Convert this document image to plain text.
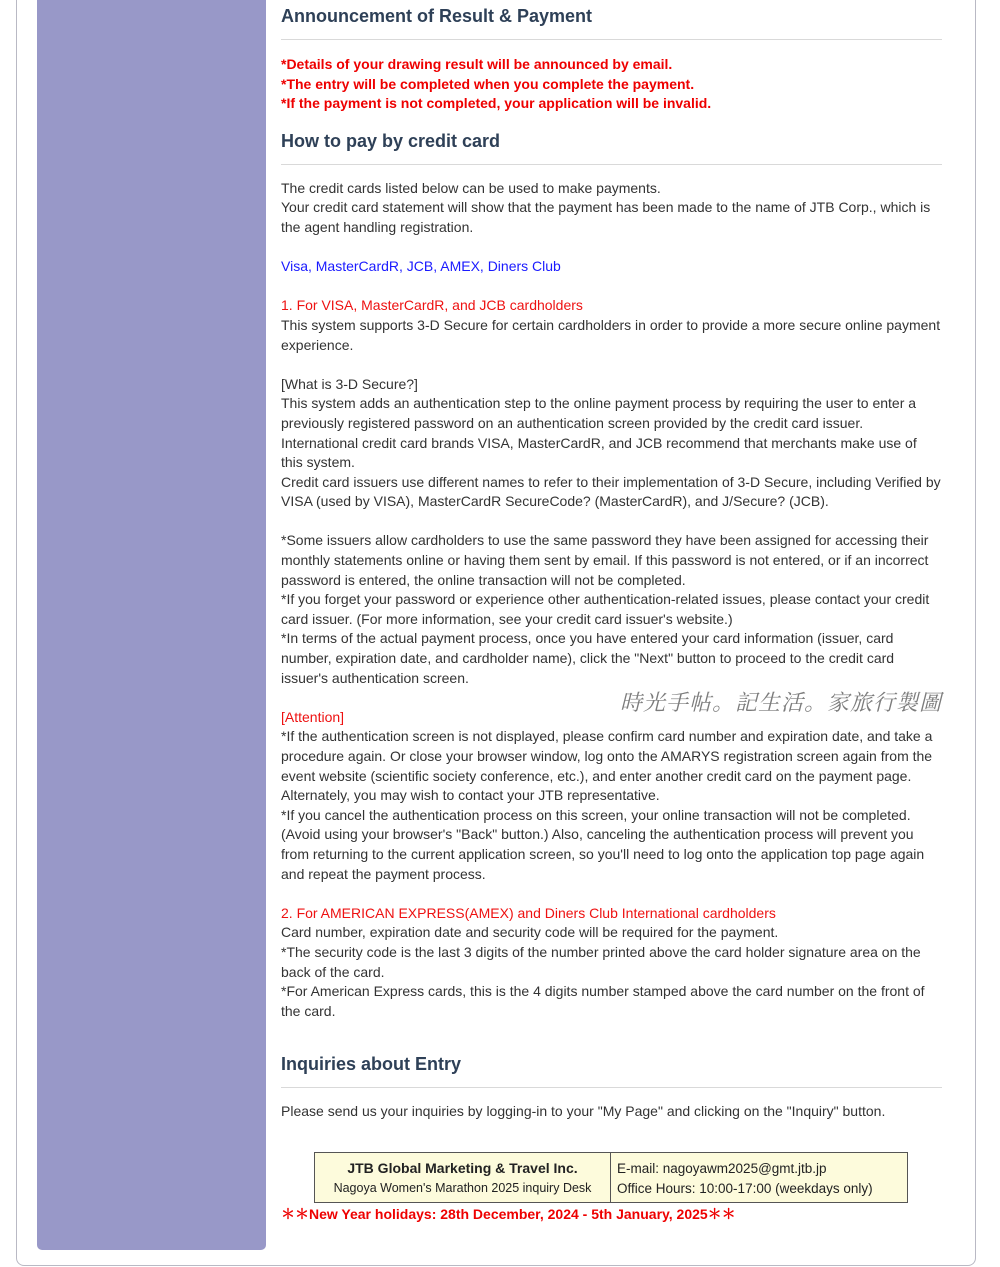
Announcement of Result & Payment
*Details of your drawing result will be announced by email.
*The entry will be completed when you complete the payment.
*If the payment is not completed, your application will be invalid.
How to pay by credit card

The credit cards listed below can be used to make payments.

Your credit card statement will show that the payment has been made to the name of JTB Corp., which is the agent handling registration.

Visa, MasterCardR, JCB, AMEX, Diners Club

1. For VISA, MasterCardR, and JCB cardholders

This system supports 3-D Secure for certain cardholders in order to provide a more secure online payment experience.

[What is 3-D Secure?]

This system adds an authentication step to the online payment process by requiring the user to enter a previously registered password on an authentication screen provided by the credit card issuer.

International credit card brands VISA, MasterCardR, and JCB recommend that merchants make use of this system.

Credit card issuers use different names to refer to their implementation of 3-D Secure, including Verified by VISA (used by VISA), MasterCardR SecureCode? (MasterCardR), and J/Secure? (JCB).

*Some issuers allow cardholders to use the same password they have been assigned for accessing their monthly statements online or having them sent by email. If this password is not entered, or if an incorrect password is entered, the online transaction will not be completed.

*If you forget your password or experience other authentication-related issues, please contact your credit card issuer. (For more information, see your credit card issuer's website.)

*In terms of the actual payment process, once you have entered your card information (issuer, card number, expiration date, and cardholder name), click the "Next" button to proceed to the credit card issuer's authentication screen.

[Attention]

*If the authentication screen is not displayed, please confirm card number and expiration date, and take a procedure again. Or close your browser window, log onto the AMARYS registration screen again from the event website (scientific society conference, etc.), and enter another credit card on the payment page. Alternately, you may wish to contact your JTB representative.

*If you cancel the authentication process on this screen, your online transaction will not be completed. (Avoid using your browser's "Back" button.) Also, canceling the authentication process will prevent you from returning to the current application screen, so you'll need to log onto the application top page again and repeat the payment process.

2. For AMERICAN EXPRESS(AMEX) and Diners Club International cardholders

Card number, expiration date and security code will be required for the payment.

*The security code is the last 3 digits of the number printed above the card holder signature area on the back of the card.

*For American Express cards, this is the 4 digits number stamped above the card number on the front of the card.

Inquiries about Entry

Please send us your inquiries by logging-in to your "My Page" and clicking on the "Inquiry" button.

JTB Global Marketing & Travel Inc.
Nagoya Women's Marathon 2025 inquiry Desk
E-mail: nagoyawm2025@gmt.jtb.jp
Office Hours: 10:00-17:00 (weekdays only)
＊＊New Year holidays: 28th December, 2024 - 5th January, 2025＊＊
時光手帖。記生活。家旅行製圖
